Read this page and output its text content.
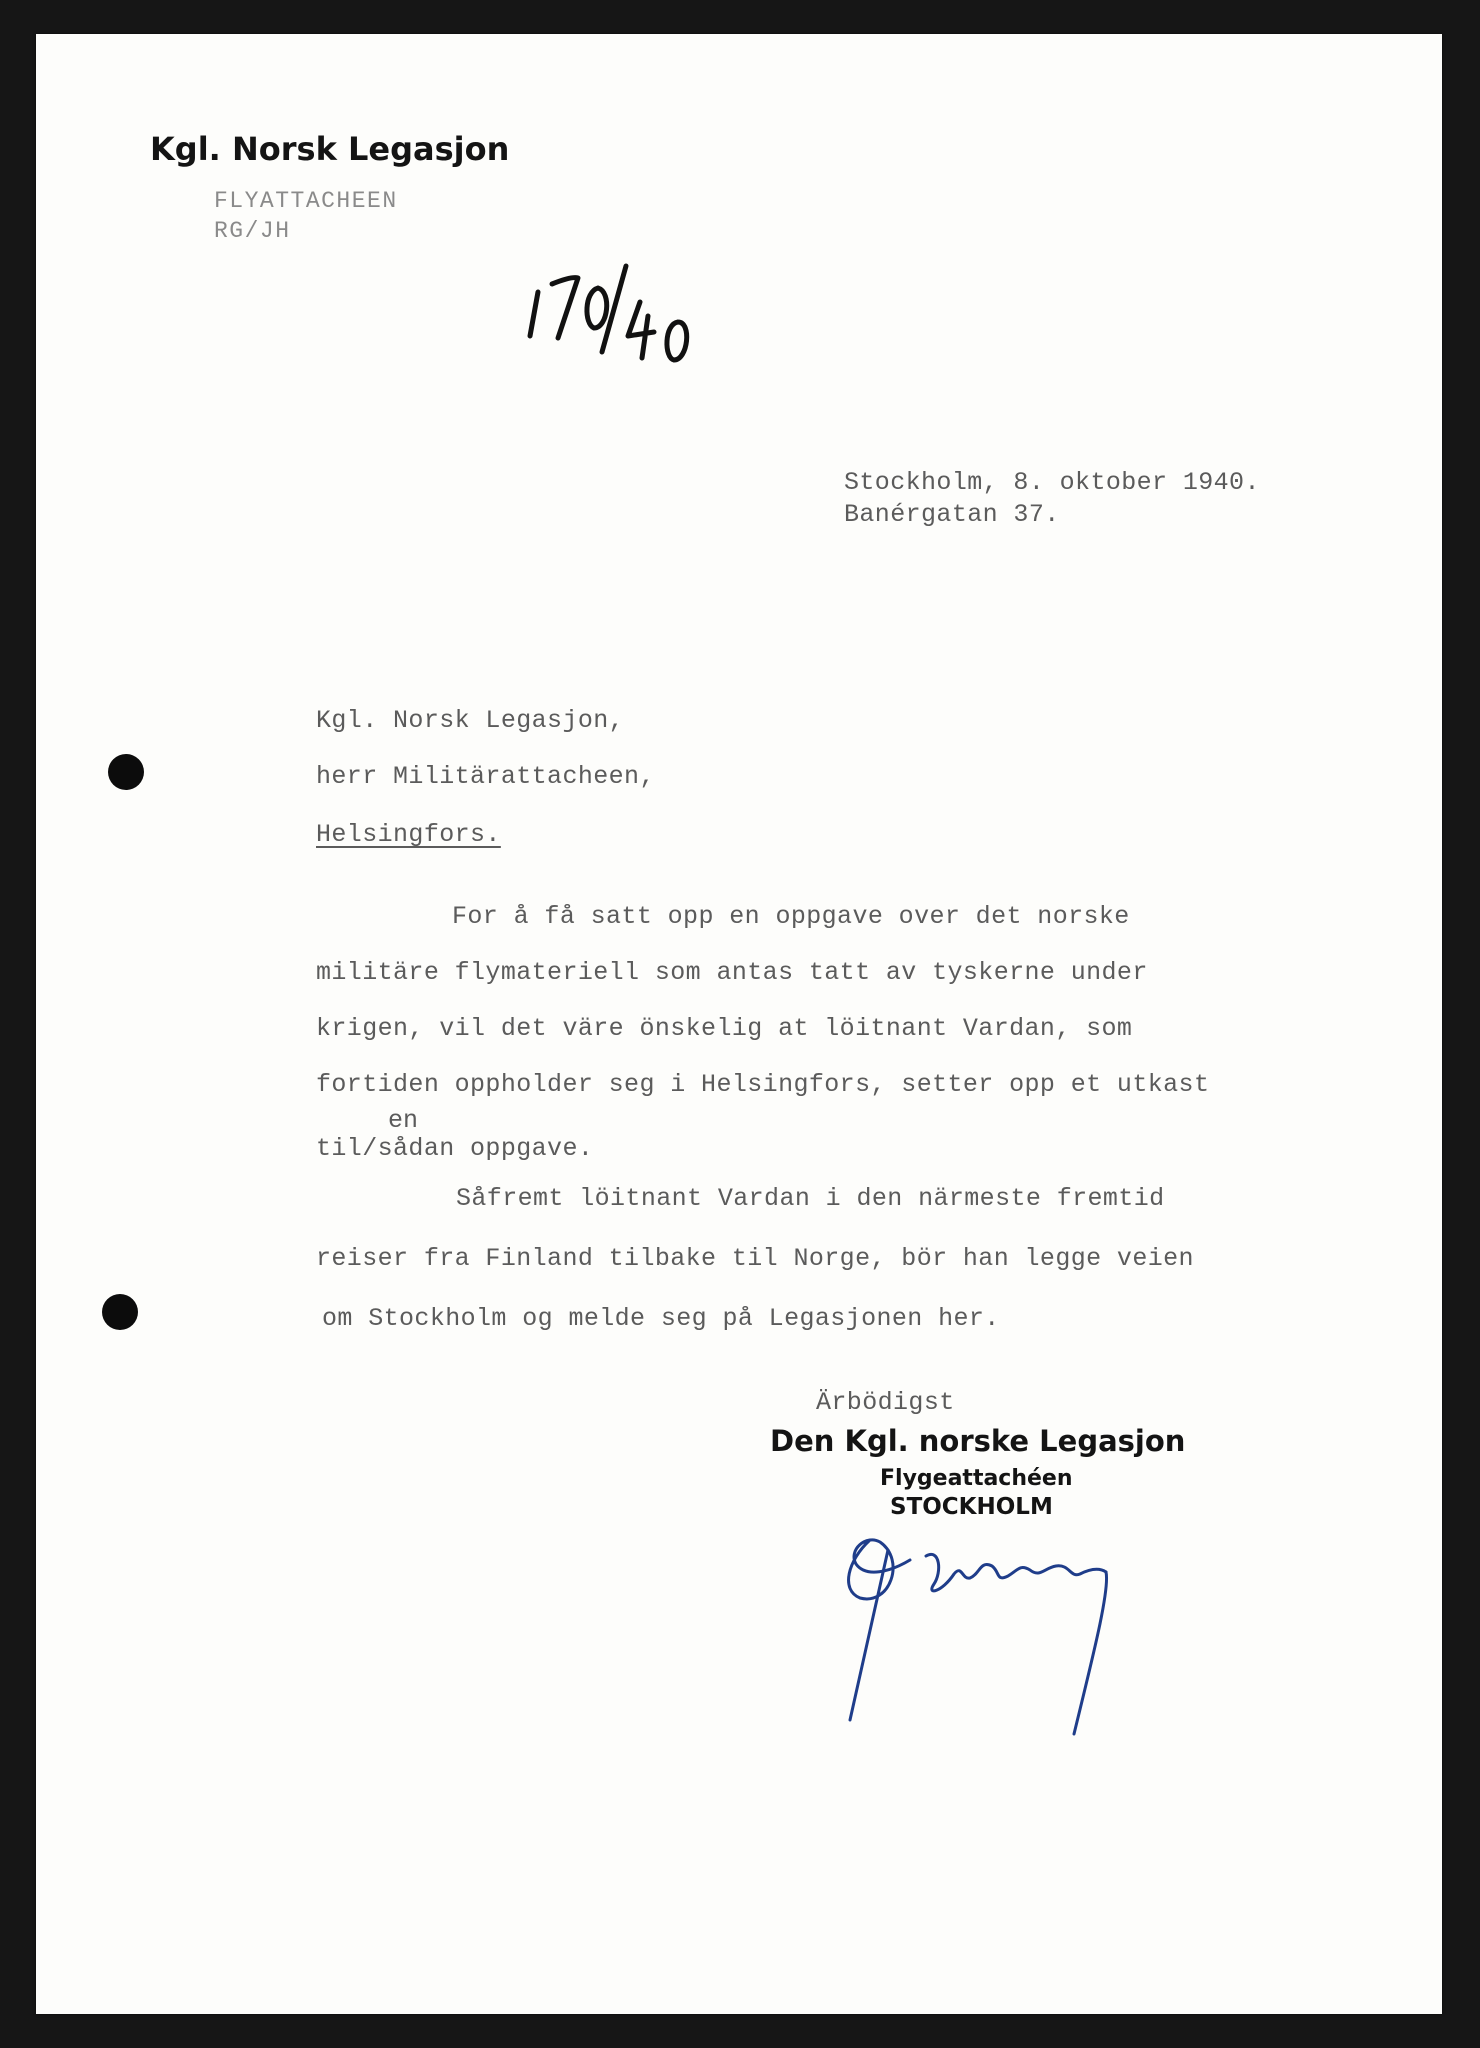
Kgl. Norsk Legasjon
FLYATTACHEEN
RG/JH
Stockholm, 8. oktober 1940.
Banérgatan 37.
Kgl. Norsk Legasjon,
herr Militärattacheen,
Helsingfors.
For å få satt opp en oppgave over det norske
militäre flymateriell som antas tatt av tyskerne under
krigen, vil det väre önskelig at löitnant Vardan, som
fortiden oppholder seg i Helsingfors, setter opp et utkast
en
til/sådan oppgave.
Såfremt löitnant Vardan i den närmeste fremtid
reiser fra Finland tilbake til Norge, bör han legge veien
om Stockholm og melde seg på Legasjonen her.
Ärbödigst
Den Kgl. norske Legasjon
Flygeattachéen
STOCKHOLM
